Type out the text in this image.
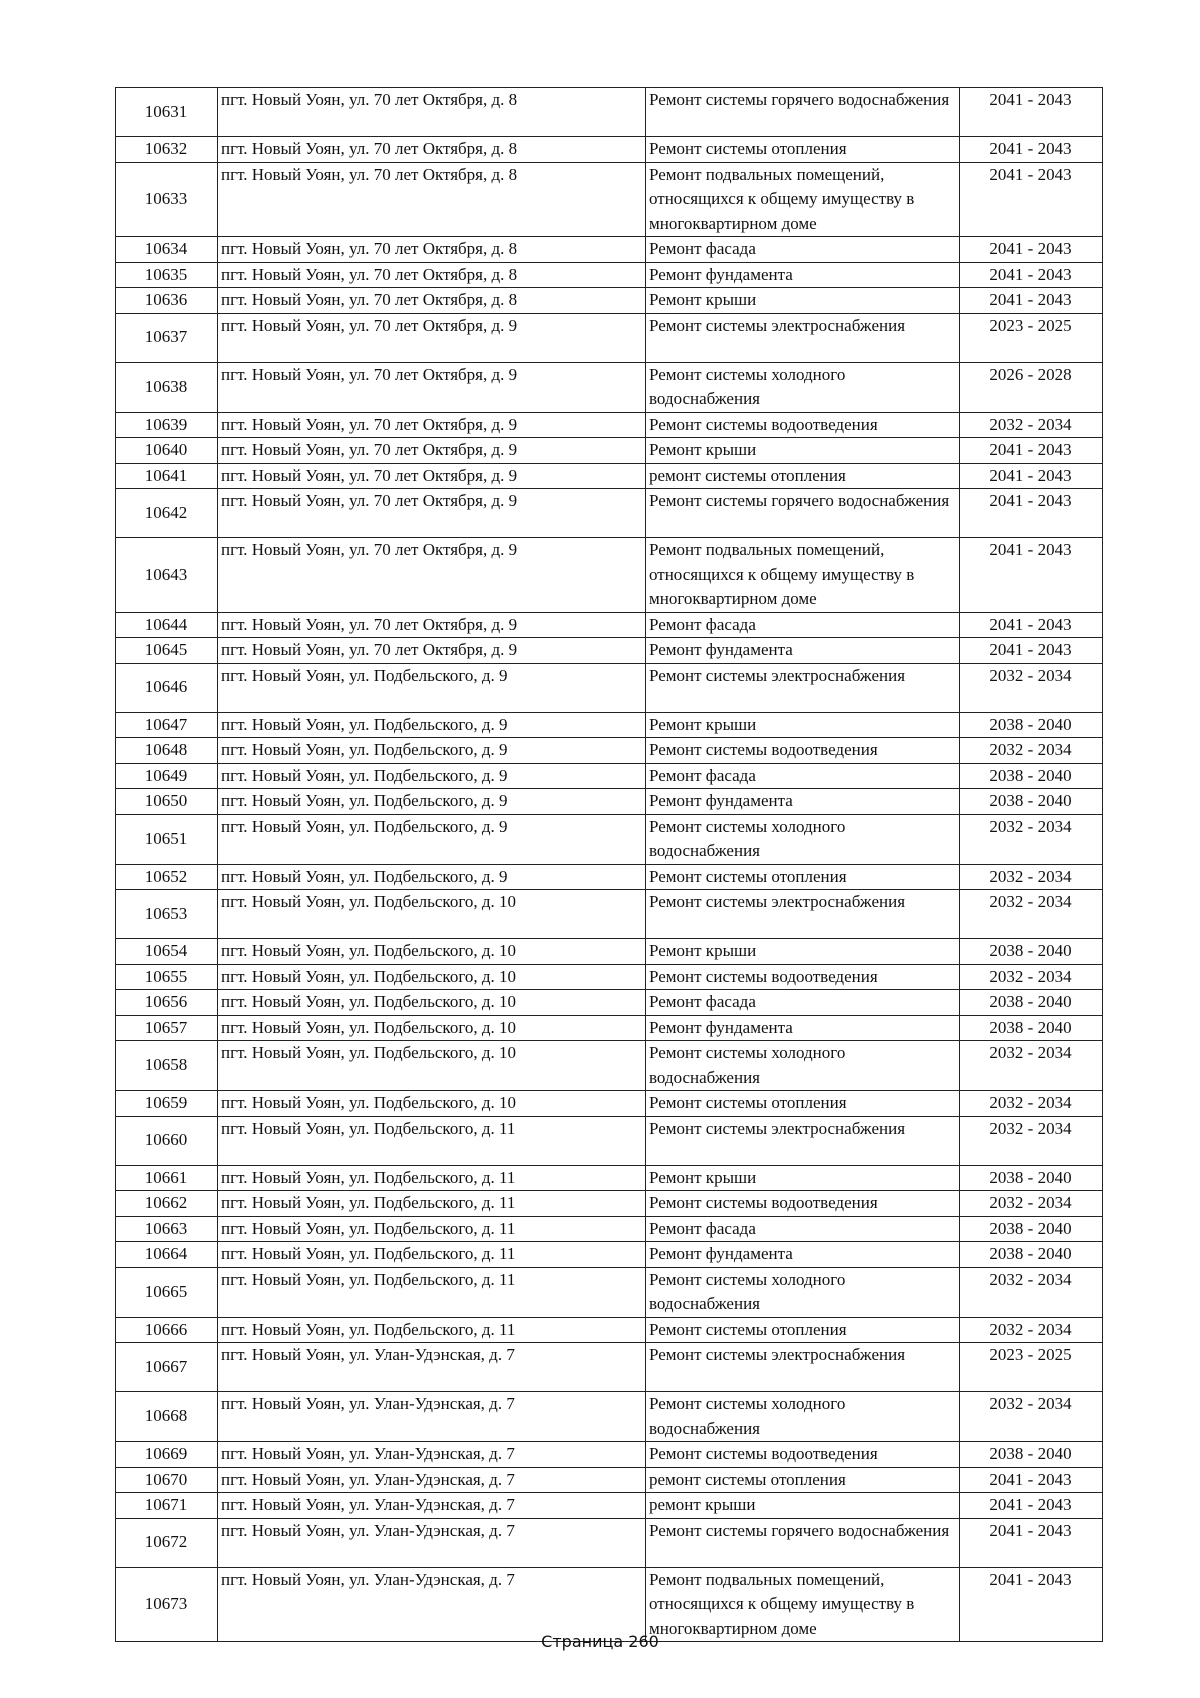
10631	пгт. Новый Уоян, ул. 70 лет Октября, д. 8	Ремонт системы горячего водоснабжения	2041 - 2043
10632	пгт. Новый Уоян, ул. 70 лет Октября, д. 8	Ремонт системы отопления	2041 - 2043
10633	пгт. Новый Уоян, ул. 70 лет Октября, д. 8	Ремонт подвальных помещений, относящихся к общему имуществу в многоквартирном доме	2041 - 2043
10634	пгт. Новый Уоян, ул. 70 лет Октября, д. 8	Ремонт фасада	2041 - 2043
10635	пгт. Новый Уоян, ул. 70 лет Октября, д. 8	Ремонт фундамента	2041 - 2043
10636	пгт. Новый Уоян, ул. 70 лет Октября, д. 8	Ремонт крыши	2041 - 2043
10637	пгт. Новый Уоян, ул. 70 лет Октября, д. 9	Ремонт системы электроснабжения	2023 - 2025
10638	пгт. Новый Уоян, ул. 70 лет Октября, д. 9	Ремонт системы холодного водоснабжения	2026 - 2028
10639	пгт. Новый Уоян, ул. 70 лет Октября, д. 9	Ремонт системы водоотведения	2032 - 2034
10640	пгт. Новый Уоян, ул. 70 лет Октября, д. 9	Ремонт крыши	2041 - 2043
10641	пгт. Новый Уоян, ул. 70 лет Октября, д. 9	ремонт системы отопления	2041 - 2043
10642	пгт. Новый Уоян, ул. 70 лет Октября, д. 9	Ремонт системы горячего водоснабжения	2041 - 2043
10643	пгт. Новый Уоян, ул. 70 лет Октября, д. 9	Ремонт подвальных помещений, относящихся к общему имуществу в многоквартирном доме	2041 - 2043
10644	пгт. Новый Уоян, ул. 70 лет Октября, д. 9	Ремонт фасада	2041 - 2043
10645	пгт. Новый Уоян, ул. 70 лет Октября, д. 9	Ремонт фундамента	2041 - 2043
10646	пгт. Новый Уоян, ул. Подбельского, д. 9	Ремонт системы электроснабжения	2032 - 2034
10647	пгт. Новый Уоян, ул. Подбельского, д. 9	Ремонт крыши	2038 - 2040
10648	пгт. Новый Уоян, ул. Подбельского, д. 9	Ремонт системы водоотведения	2032 - 2034
10649	пгт. Новый Уоян, ул. Подбельского, д. 9	Ремонт фасада	2038 - 2040
10650	пгт. Новый Уоян, ул. Подбельского, д. 9	Ремонт фундамента	2038 - 2040
10651	пгт. Новый Уоян, ул. Подбельского, д. 9	Ремонт системы холодного водоснабжения	2032 - 2034
10652	пгт. Новый Уоян, ул. Подбельского, д. 9	Ремонт системы отопления	2032 - 2034
10653	пгт. Новый Уоян, ул. Подбельского, д. 10	Ремонт системы электроснабжения	2032 - 2034
10654	пгт. Новый Уоян, ул. Подбельского, д. 10	Ремонт крыши	2038 - 2040
10655	пгт. Новый Уоян, ул. Подбельского, д. 10	Ремонт системы водоотведения	2032 - 2034
10656	пгт. Новый Уоян, ул. Подбельского, д. 10	Ремонт фасада	2038 - 2040
10657	пгт. Новый Уоян, ул. Подбельского, д. 10	Ремонт фундамента	2038 - 2040
10658	пгт. Новый Уоян, ул. Подбельского, д. 10	Ремонт системы холодного водоснабжения	2032 - 2034
10659	пгт. Новый Уоян, ул. Подбельского, д. 10	Ремонт системы отопления	2032 - 2034
10660	пгт. Новый Уоян, ул. Подбельского, д. 11	Ремонт системы электроснабжения	2032 - 2034
10661	пгт. Новый Уоян, ул. Подбельского, д. 11	Ремонт крыши	2038 - 2040
10662	пгт. Новый Уоян, ул. Подбельского, д. 11	Ремонт системы водоотведения	2032 - 2034
10663	пгт. Новый Уоян, ул. Подбельского, д. 11	Ремонт фасада	2038 - 2040
10664	пгт. Новый Уоян, ул. Подбельского, д. 11	Ремонт фундамента	2038 - 2040
10665	пгт. Новый Уоян, ул. Подбельского, д. 11	Ремонт системы холодного водоснабжения	2032 - 2034
10666	пгт. Новый Уоян, ул. Подбельского, д. 11	Ремонт системы отопления	2032 - 2034
10667	пгт. Новый Уоян, ул. Улан-Удэнская, д. 7	Ремонт системы электроснабжения	2023 - 2025
10668	пгт. Новый Уоян, ул. Улан-Удэнская, д. 7	Ремонт системы холодного водоснабжения	2032 - 2034
10669	пгт. Новый Уоян, ул. Улан-Удэнская, д. 7	Ремонт системы водоотведения	2038 - 2040
10670	пгт. Новый Уоян, ул. Улан-Удэнская, д. 7	ремонт системы отопления	2041 - 2043
10671	пгт. Новый Уоян, ул. Улан-Удэнская, д. 7	ремонт крыши	2041 - 2043
10672	пгт. Новый Уоян, ул. Улан-Удэнская, д. 7	Ремонт системы горячего водоснабжения	2041 - 2043
10673	пгт. Новый Уоян, ул. Улан-Удэнская, д. 7	Ремонт подвальных помещений, относящихся к общему имуществу в многоквартирном доме	2041 - 2043
Страница 260
